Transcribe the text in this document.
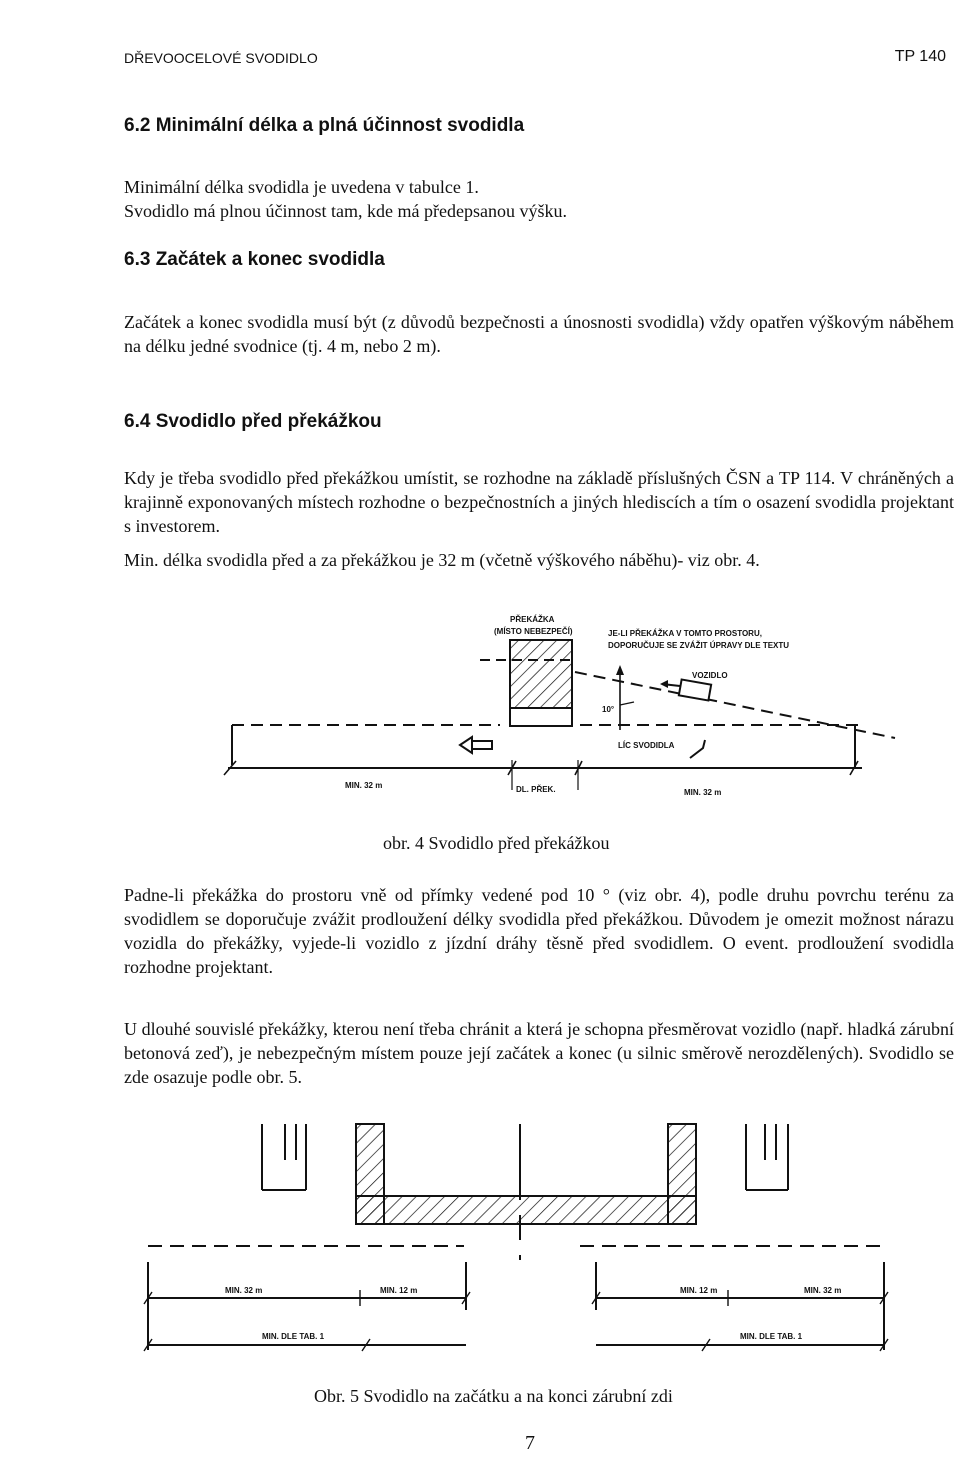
DŘEVOOCELOVÉ SVODIDLO	TP 140
6.2 Minimální délka a plná účinnost svodidla

Minimální délka svodidla je uvedena v tabulce 1.

Svodidlo má plnou účinnost tam, kde má předepsanou výšku.

6.3 Začátek a konec svodidla

Začátek a konec svodidla musí být (z důvodů bezpečnosti a únosnosti svodidla) vždy opatřen výškovým náběhem na délku jedné svodnice (tj. 4 m, nebo 2 m).

6.4 Svodidlo před překážkou

Kdy je třeba svodidlo před překážkou umístit, se rozhodne na základě příslušných ČSN a TP 114. V chráněných a krajinně exponovaných místech rozhodne o bezpečnostních a jiných hlediscích a tím o osazení svodidla projektant s investorem.

Min. délka svodidla před a za překážkou je 32 m (včetně výškového náběhu)- viz obr. 4.

PŘEKÁŽKA
(MÍSTO NEBEZPEČÍ)	JE-LI PŘEKÁŽKA V TOMTO PROSTORU,
DOPORUČUJE SE ZVÁŽIT ÚPRAVY DLE TEXTU
VOZIDLO
10°
LÍC SVODIDLA
MIN. 32 m	DL. PŘEK.	MIN. 32 m
obr. 4 Svodidlo před překážkou

Padne-li překážka do prostoru vně od přímky vedené pod 10 ° (viz obr. 4), podle druhu povrchu terénu za svodidlem se doporučuje zvážit prodloužení délky svodidla před překážkou. Důvodem je omezit možnost nárazu vozidla do překážky, vyjede-li vozidlo z jízdní dráhy těsně před svodidlem. O event. prodloužení svodidla rozhodne projektant.

U dlouhé souvislé překážky, kterou není třeba chránit a která je schopna přesměrovat vozidlo (např. hladká zárubní betonová zeď), je nebezpečným místem pouze její začátek a konec (u silnic směrově nerozdělených). Svodidlo se zde osazuje podle obr. 5.

MIN. 32 m	MIN. 12 m
MIN. DLE TAB. 1
MIN. 12 m	MIN. 32 m
MIN. DLE TAB. 1
Obr. 5 Svodidlo na začátku a na konci zárubní zdi
7
